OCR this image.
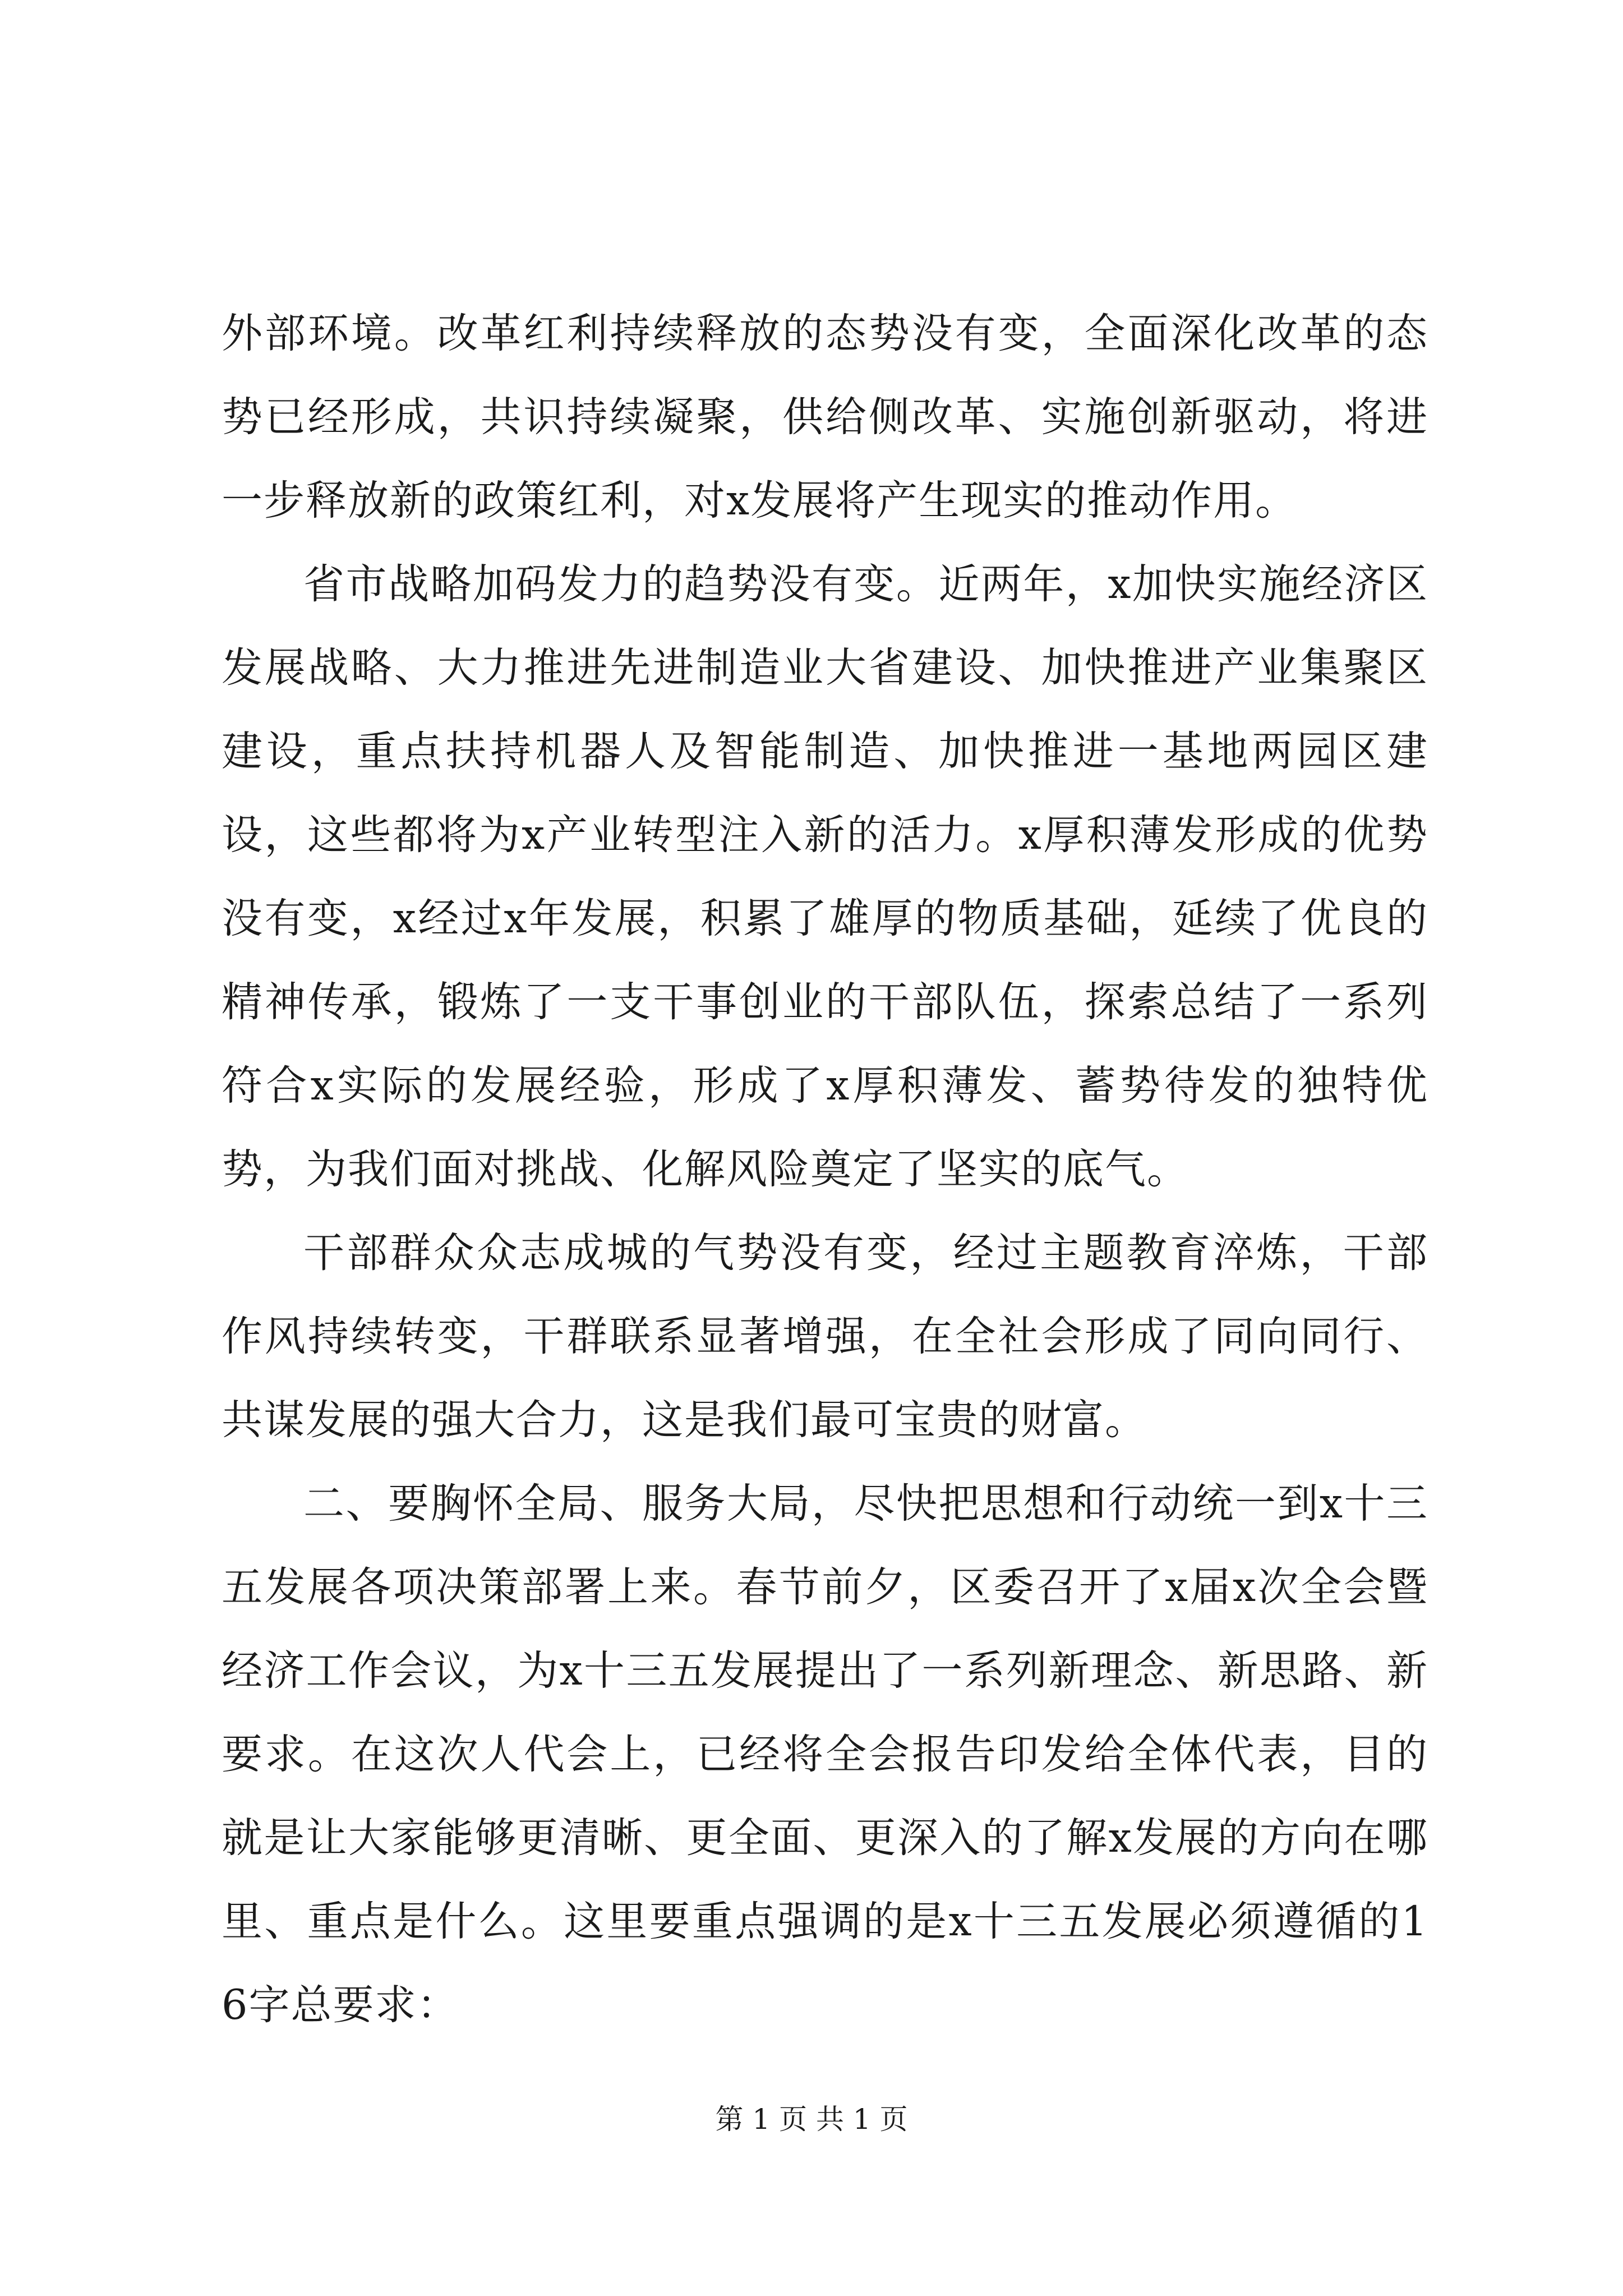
外部环境。改革红利持续释放的态势没有变，全面深化改革的态势已经形成，共识持续凝聚，供给侧改革、实施创新驱动，将进一步释放新的政策红利，对x发展将产生现实的推动作用。

省市战略加码发力的趋势没有变。近两年，x加快实施经济区发展战略、大力推进先进制造业大省建设、加快推进产业集聚区建设，重点扶持机器人及智能制造、加快推进一基地两园区建设，这些都将为x产业转型注入新的活力。x厚积薄发形成的优势没有变，x经过x年发展，积累了雄厚的物质基础，延续了优良的精神传承，锻炼了一支干事创业的干部队伍，探索总结了一系列符合x实际的发展经验，形成了x厚积薄发、蓄势待发的独特优势，为我们面对挑战、化解风险奠定了坚实的底气。

干部群众众志成城的气势没有变，经过主题教育淬炼，干部作风持续转变，干群联系显著增强，在全社会形成了同向同行、共谋发展的强大合力，这是我们最可宝贵的财富。

二、要胸怀全局、服务大局，尽快把思想和行动统一到x十三五发展各项决策部署上来。春节前夕，区委召开了x届x次全会暨经济工作会议，为x十三五发展提出了一系列新理念、新思路、新要求。在这次人代会上，已经将全会报告印发给全体代表，目的就是让大家能够更清晰、更全面、更深入的了解x发展的方向在哪里、重点是什么。这里要重点强调的是x十三五发展必须遵循的16字总要求：

第 1 页 共 1 页
